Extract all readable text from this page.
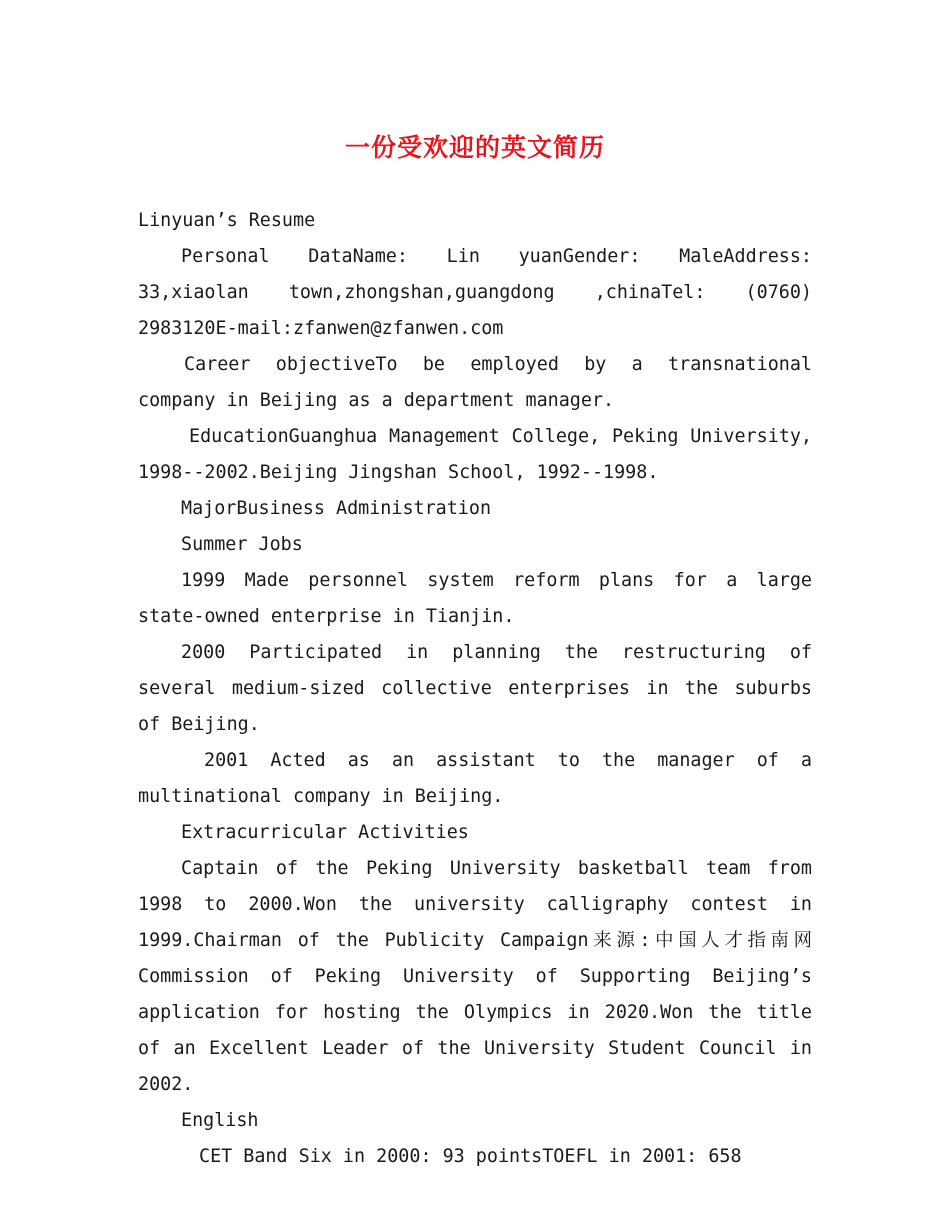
一份受欢迎的英文简历

Linyuan’s Resume

Personal DataName: Lin yuanGender: MaleAddress: 33,xiaolan town,zhongshan,guangdong ,chinaTel: (0760) 2983120E-mail:zfanwen@zfanwen.com

Career objectiveTo be employed by a transnational company in Beijing as a department manager.

EducationGuanghua Management College, Peking University, 1998--2002.Beijing Jingshan School, 1992--1998.

MajorBusiness Administration

Summer Jobs

1999 Made personnel system reform plans for a large state-owned enterprise in Tianjin.

2000 Participated in planning the restructuring of several medium-sized collective enterprises in the suburbs of Beijing.

2001 Acted as an assistant to the manager of a multinational company in Beijing.

Extracurricular Activities

Captain of the Peking University basketball team from 1998 to 2000.Won the university calligraphy contest in 1999.Chairman of the Publicity Campaign来源:中国人才指南网 Commission of Peking University of Supporting Beijing’s application for hosting the Olympics in 2020.Won the title of an Excellent Leader of the University Student Council in 2002.

English

CET Band Six in 2000: 93 pointsTOEFL in 2001: 658
